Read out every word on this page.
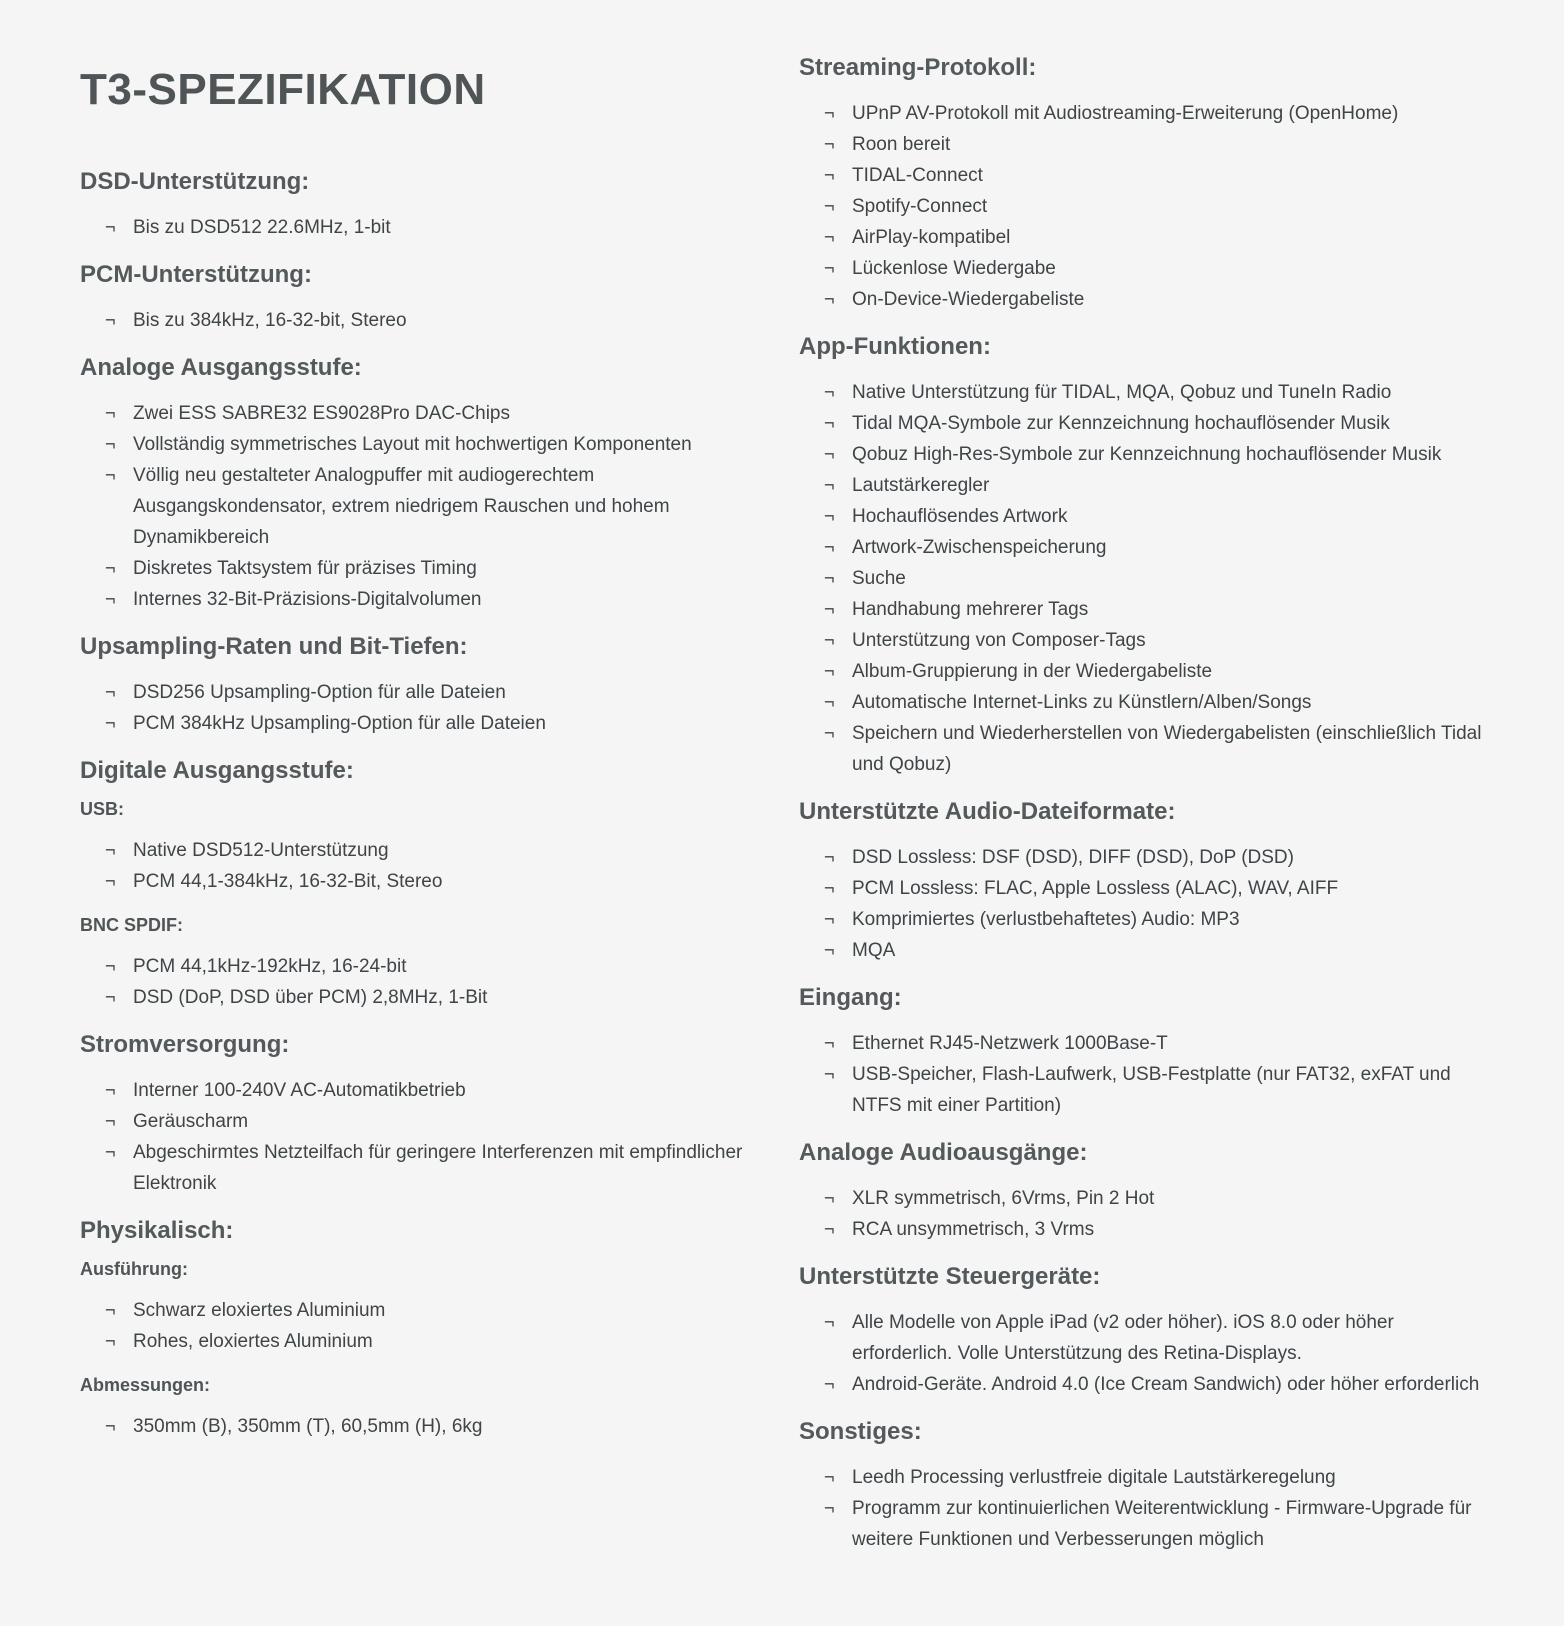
T3-SPEZIFIKATION
DSD-Unterstützung:
¬ Bis zu DSD512 22.6MHz, 1-bit
PCM-Unterstützung:
¬ Bis zu 384kHz, 16-32-bit, Stereo
Analoge Ausgangsstufe:
¬ Zwei ESS SABRE32 ES9028Pro DAC-Chips
¬ Vollständig symmetrisches Layout mit hochwertigen Komponenten
¬ Völlig neu gestalteter Analogpuffer mit audiogerechtem Ausgangskondensator, extrem niedrigem Rauschen und hohem Dynamikbereich
¬ Diskretes Taktsystem für präzises Timing
¬ Internes 32-Bit-Präzisions-Digitalvolumen
Upsampling-Raten und Bit-Tiefen:
¬ DSD256 Upsampling-Option für alle Dateien
¬ PCM 384kHz Upsampling-Option für alle Dateien
Digitale Ausgangsstufe:
USB:
¬ Native DSD512-Unterstützung
¬ PCM 44,1-384kHz, 16-32-Bit, Stereo
BNC SPDIF:
¬ PCM 44,1kHz-192kHz, 16-24-bit
¬ DSD (DoP, DSD über PCM) 2,8MHz, 1-Bit
Stromversorgung:
¬ Interner 100-240V AC-Automatikbetrieb
¬ Geräuscharm
¬ Abgeschirmtes Netzteilfach für geringere Interferenzen mit empfindlicher Elektronik
Physikalisch:
Ausführung:
¬ Schwarz eloxiertes Aluminium
¬ Rohes, eloxiertes Aluminium
Abmessungen:
¬ 350mm (B), 350mm (T), 60,5mm (H), 6kg
Streaming-Protokoll:
¬ UPnP AV-Protokoll mit Audiostreaming-Erweiterung (OpenHome)
¬ Roon bereit
¬ TIDAL-Connect
¬ Spotify-Connect
¬ AirPlay-kompatibel
¬ Lückenlose Wiedergabe
¬ On-Device-Wiedergabeliste
App-Funktionen:
¬ Native Unterstützung für TIDAL, MQA, Qobuz und TuneIn Radio
¬ Tidal MQA-Symbole zur Kennzeichnung hochauflösender Musik
¬ Qobuz High-Res-Symbole zur Kennzeichnung hochauflösender Musik
¬ Lautstärkeregler
¬ Hochauflösendes Artwork
¬ Artwork-Zwischenspeicherung
¬ Suche
¬ Handhabung mehrerer Tags
¬ Unterstützung von Composer-Tags
¬ Album-Gruppierung in der Wiedergabeliste
¬ Automatische Internet-Links zu Künstlern/Alben/Songs
¬ Speichern und Wiederherstellen von Wiedergabelisten (einschließlich Tidal und Qobuz)
Unterstützte Audio-Dateiformate:
¬ DSD Lossless: DSF (DSD), DIFF (DSD), DoP (DSD)
¬ PCM Lossless: FLAC, Apple Lossless (ALAC), WAV, AIFF
¬ Komprimiertes (verlustbehaftetes) Audio: MP3
¬ MQA
Eingang:
¬ Ethernet RJ45-Netzwerk 1000Base-T
¬ USB-Speicher, Flash-Laufwerk, USB-Festplatte (nur FAT32, exFAT und NTFS mit einer Partition)
Analoge Audioausgänge:
¬ XLR symmetrisch, 6Vrms, Pin 2 Hot
¬ RCA unsymmetrisch, 3 Vrms
Unterstützte Steuergeräte:
¬ Alle Modelle von Apple iPad (v2 oder höher). iOS 8.0 oder höher erforderlich. Volle Unterstützung des Retina-Displays.
¬ Android-Geräte. Android 4.0 (Ice Cream Sandwich) oder höher erforderlich
Sonstiges:
¬ Leedh Processing verlustfreie digitale Lautstärkeregelung
¬ Programm zur kontinuierlichen Weiterentwicklung - Firmware-Upgrade für weitere Funktionen und Verbesserungen möglich
